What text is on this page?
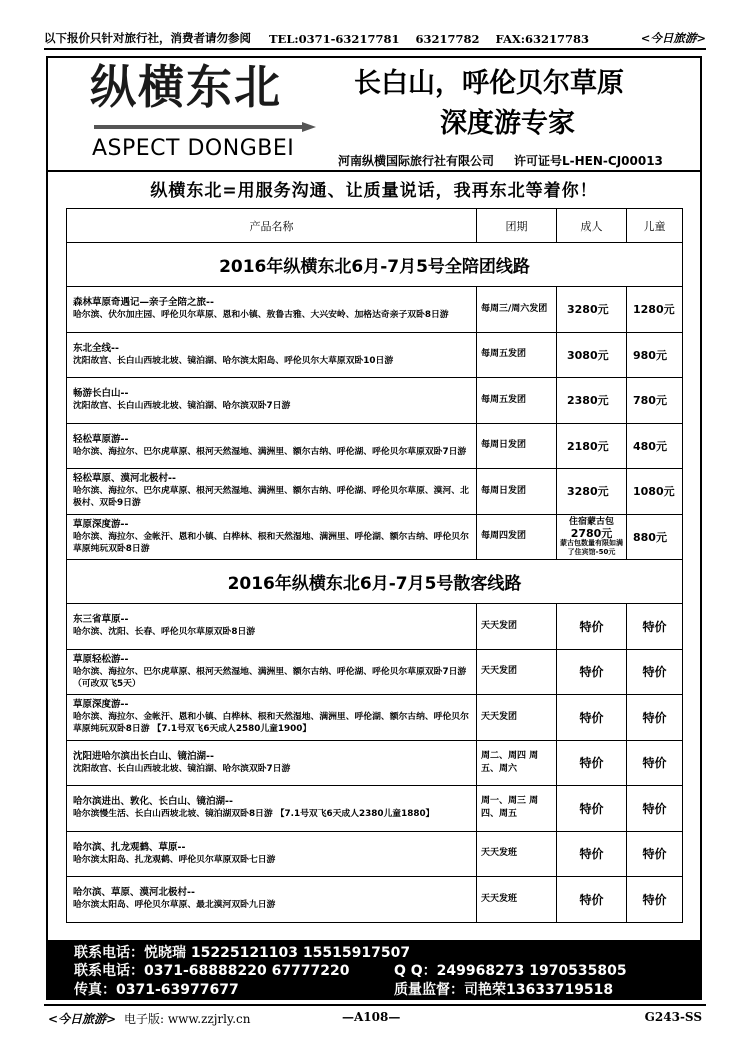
以下报价只针对旅行社，消费者请勿参阅 TEL:0371-63217781 63217782 FAX:63217783	<今日旅游>
纵横东北
ASPECT DONGBEI
长白山，呼伦贝尔草原
深度游专家
河南纵横国际旅行社有限公司 许可证号L-HEN-CJ00013
纵横东北=用服务沟通、让质量说话，我再东北等着你！
产品名称	团期	成人	儿童
2016年纵横东北6月-7月5号全陪团线路			

森林草原奇遇记—亲子全陪之旅--
哈尔滨、伏尔加庄园、呼伦贝尔草原、恩和小镇、敖鲁古雅、大兴安岭、加格达奇亲子双卧8日游	每周三/周六发团	3280元	1280元

东北全线--
沈阳故宫、长白山西坡北坡、镜泊湖、哈尔滨太阳岛、呼伦贝尔大草原双卧10日游	每周五发团	3080元	980元

畅游长白山--
沈阳故宫、长白山西坡北坡、镜泊湖、哈尔滨双卧7日游	每周五发团	2380元	780元

轻松草原游--
哈尔滨、海拉尔、巴尔虎草原、根河天然湿地、满洲里、额尔古纳、呼伦湖、呼伦贝尔草原双卧7日游	每周日发团	2180元	480元

轻松草原、漠河北极村--
哈尔滨、海拉尔、巴尔虎草原、根河天然湿地、满洲里、额尔古纳、呼伦湖、呼伦贝尔草原、漠河、北极村、双卧9日游	每周日发团	3280元	1080元

草原深度游--
哈尔滨、海拉尔、金帐汗、恩和小镇、白桦林、根和天然湿地、满洲里、呼伦湖、额尔古纳、呼伦贝尔草原纯玩双卧8日游	每周四发团	住宿蒙古包
2780元
蒙古包数量有限如满了住宾馆-50元	880元
2016年纵横东北6月-7月5号散客线路			

东三省草原--
哈尔滨、沈阳、长春、呼伦贝尔草原双卧8日游	天天发团	特价	特价

草原轻松游--
哈尔滨、海拉尔、巴尔虎草原、根河天然湿地、满洲里、额尔古纳、呼伦湖、呼伦贝尔草原双卧7日游（可改双飞5天）	天天发团	特价	特价

草原深度游--
哈尔滨、海拉尔、金帐汗、恩和小镇、白桦林、根和天然湿地、满洲里、呼伦湖、额尔古纳、呼伦贝尔草原纯玩双卧8日游 【7.1号双飞6天成人2580儿童1900】	天天发团	特价	特价

沈阳进哈尔滨出长白山、镜泊湖--
沈阳故宫、长白山西坡北坡、镜泊湖、哈尔滨双卧7日游	周二、周四 周五、周六	特价	特价

哈尔滨进出、敦化、长白山、镜泊湖--
哈尔滨慢生活、长白山西坡北坡、镜泊湖双卧8日游 【7.1号双飞6天成人2380儿童1880】	周一、周三 周四、周五	特价	特价

哈尔滨、扎龙观鹤、草原--
哈尔滨太阳岛、扎龙观鹤、呼伦贝尔草原双卧七日游	天天发班	特价	特价

哈尔滨、草原、漠河北极村--
哈尔滨太阳岛、呼伦贝尔草原、最北漠河双卧九日游	天天发班	特价	特价
联系电话：悦晓瑞 15225121103 15515917507
联系电话：0371-68888220 67777220	Q Q：249968273 1970535805
传真：0371-63977677	质量监督：司艳荣13633719518
<今日旅游> 电子版: www.zzjrly.cn	—A108—	G243-SS
